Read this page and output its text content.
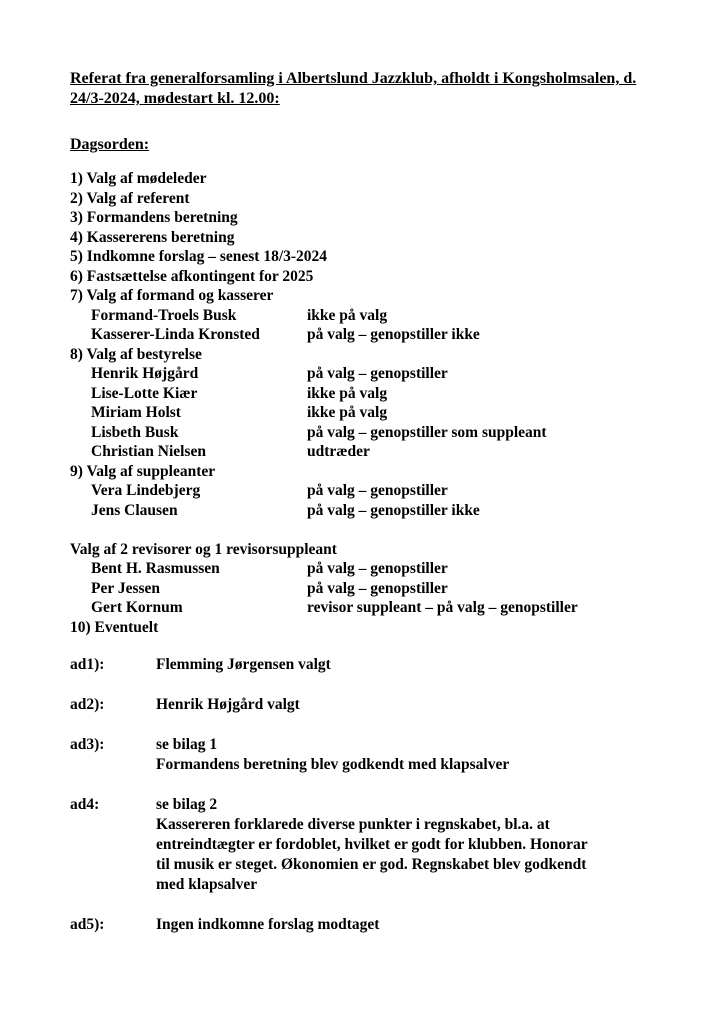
Referat fra generalforsamling i Albertslund Jazzklub, afholdt i Kongsholmsalen, d. 24/3-2024, mødestart kl. 12.00:
Dagsorden:
1) Valg af mødeleder
2) Valg af referent
3) Formandens beretning
4) Kassererens beretning
5) Indkomne forslag – senest 18/3-2024
6) Fastsættelse afkontingent for 2025
7) Valg af formand og kasserer
Formand-Troels Busk	ikke på valg
Kasserer-Linda Kronsted	på valg – genopstiller ikke
8) Valg af bestyrelse
Henrik Højgård	på valg – genopstiller
Lise-Lotte Kiær	ikke på valg
Miriam Holst	ikke på valg
Lisbeth Busk	på valg – genopstiller som suppleant
Christian Nielsen	udtræder
9) Valg af suppleanter
Vera Lindebjerg	på valg – genopstiller
Jens Clausen	på valg – genopstiller ikke
Valg af 2 revisorer og 1 revisorsuppleant
Bent H. Rasmussen	på valg – genopstiller
Per Jessen	på valg – genopstiller
Gert Kornum	revisor suppleant – på valg – genopstiller
10) Eventuelt
ad1):	Flemming Jørgensen valgt
ad2):	Henrik Højgård valgt
ad3):	se bilag 1
Formandens beretning blev godkendt med klapsalver
ad4:	se bilag 2
Kassereren forklarede diverse punkter i regnskabet, bl.a. at
entreindtægter er fordoblet, hvilket er godt for klubben. Honorar
til musik er steget. Økonomien er god. Regnskabet blev godkendt
med klapsalver
ad5):	Ingen indkomne forslag modtaget
